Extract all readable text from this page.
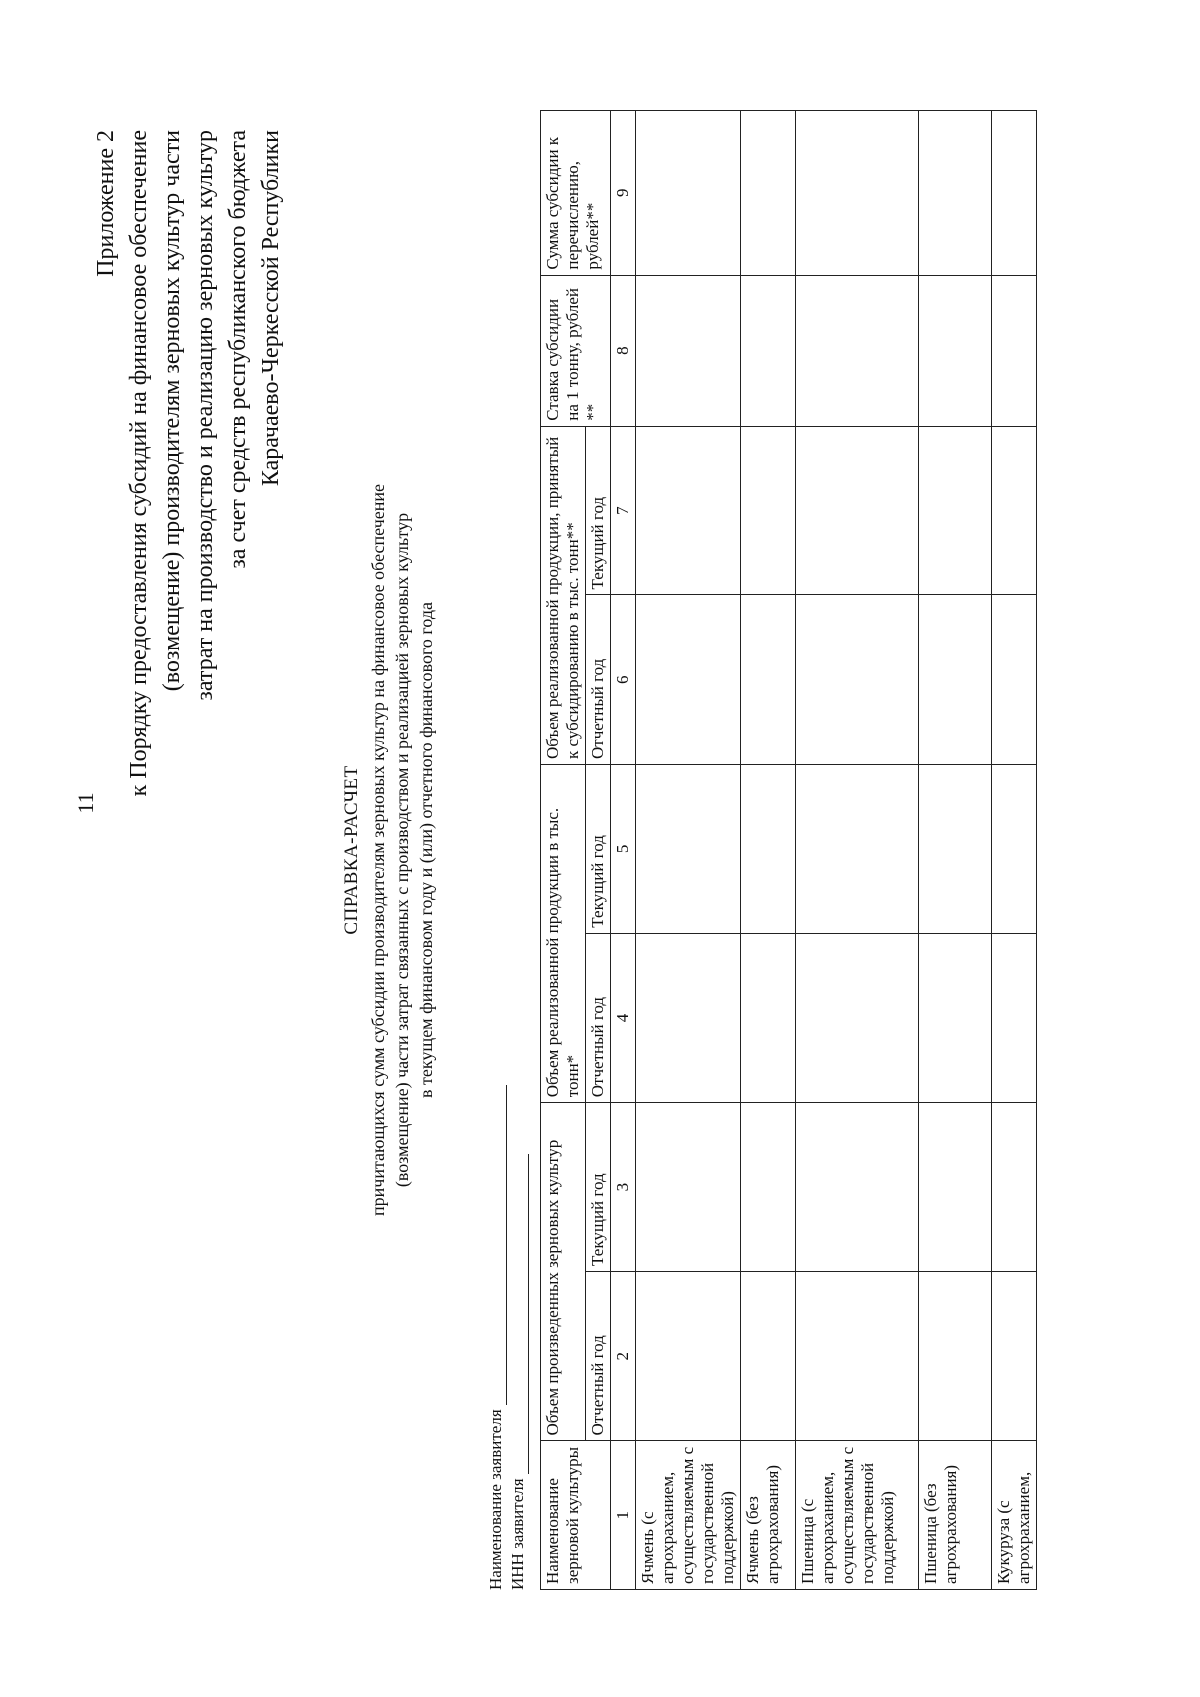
11
Приложение 2 к Порядку предоставления субсидий на финансовое обеспечение (возмещение) производителям зерновых культур части затрат на производство и реализацию зерновых культур за счет средств республиканского бюджета Карачаево-Черкесской Республики
СПРАВКА-РАСЧЕТ причитающихся сумм субсидии производителям зерновых культур на финансовое обеспечение (возмещение) части затрат связанных с производством и реализацией зерновых культур в текущем финансовом году и (или) отчетного финансового года
Наименование заявителя ИНН заявителя Наименование зерновой культуры	Объем произведенных зерновых культур		Объем реализованной продукции в тыс. тонн*		Объем реализованной продукции, принятый к субсидированию в тыс. тонн**		Ставка субсидии на 1 тонну, рублей **	Сумма субсидии к перечислению, рублей**
	Отчетный год	Текущий год	Отчетный год	Текущий год	Отчетный год	Текущий год		
1	2	3	4	5	6	7	8	9
Ячмень (с агрохраханием, осуществляемым с государственной поддержкой)								
Ячмень (без агрохрахования)								
Пшеница (с агрохраханием, осуществляемым с государственной поддержкой)								
Пшеница (без агрохрахования)								
Кукуруза (с агрохраханием,								
